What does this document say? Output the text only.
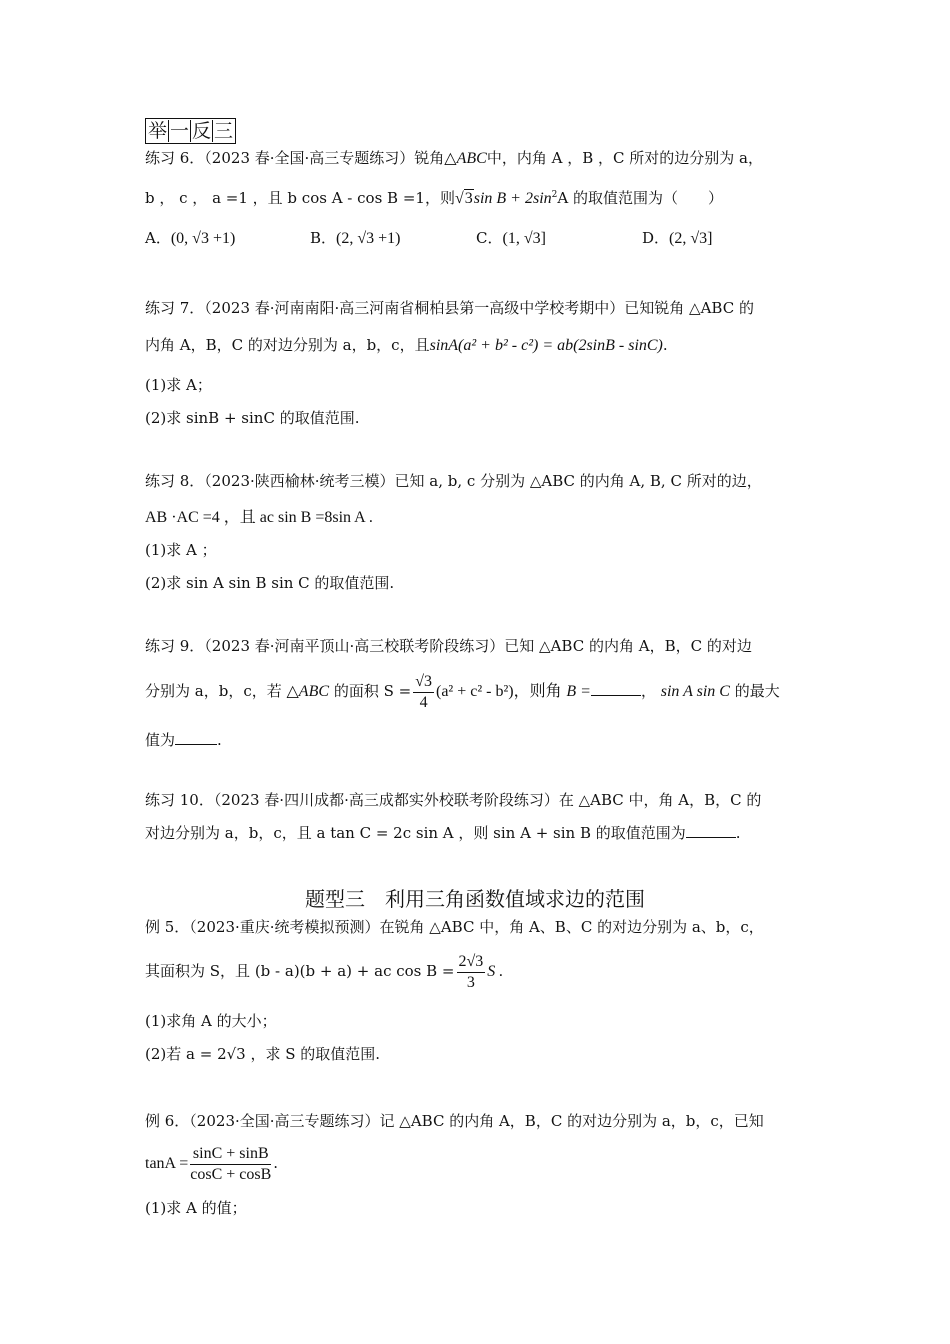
举 一 反 三
练习 6．（2023 春·全国·高三专题练习）锐角△ABC中，内角 A ，B ，C 所对的边分别为 a，
b ， c ， a =1 ，且 b cos A - cos B =1，则√3sin $B + 2\sin^2A$ 的取值范围为（　　）
A．(0, √3 +1)	B．(2, √3 +1)	C．(1, √3]	D．(2, √3]
练习 7．（2023 春·河南南阳·高三河南省桐柏县第一高级中学校考期中）已知锐角 △ABC 的
内角 A，B，C 的对边分别为 a，b，c，且sinA(a² + b² - c²) = ab(2sinB - sinC).
(1)求 A；
(2)求 sinB + sinC 的取值范围.
练习 8．（2023·陕西榆林·统考三模）已知 a, b, c 分别为 △ABC 的内角 A, B, C 所对的边，
AB ·AC =4 ，且 ac sin B =8sin A .
(1)求 A ；
(2)求 sin A sin B sin C 的取值范围.
练习 9．（2023 春·河南平顶山·高三校联考阶段练习）已知 △ABC 的内角 A，B，C 的对边
分别为 a，b，c，若 △ABC 的面积 $S = \frac{√3}{4} (a^2 + c^2 - b^2)$，则角 B =	， sin A sin C 的最大
值为	.
练习 10．（2023 春·四川成都·高三成都实外校联考阶段练习）在 △ABC 中，角 A，B，C 的
对边分别为 a，b，c，且 a tan C = 2c sin A ，则 sin A + sin B 的取值范围为	.
题型三　利用三角函数值域求边的范围
例 5．（2023·重庆·统考模拟预测）在锐角 △ABC 中，角 A、B、C 的对边分别为 a、b，c，
其面积为 S，且 (b - a)(b + a) + ac $\cos B = \frac{2√3}{3}$ S .
(1)求角 A 的大小；
(2)若 a = 2√3 ，求 S 的取值范围.
例 6．（2023·全国·高三专题练习）记 △ABC 的内角 A，B，C 的对边分别为 a，b，c，已知
$\tan A = \frac{\sin C + \sin B}{\cos C + \cos B}$ .
(1)求 A 的值；
